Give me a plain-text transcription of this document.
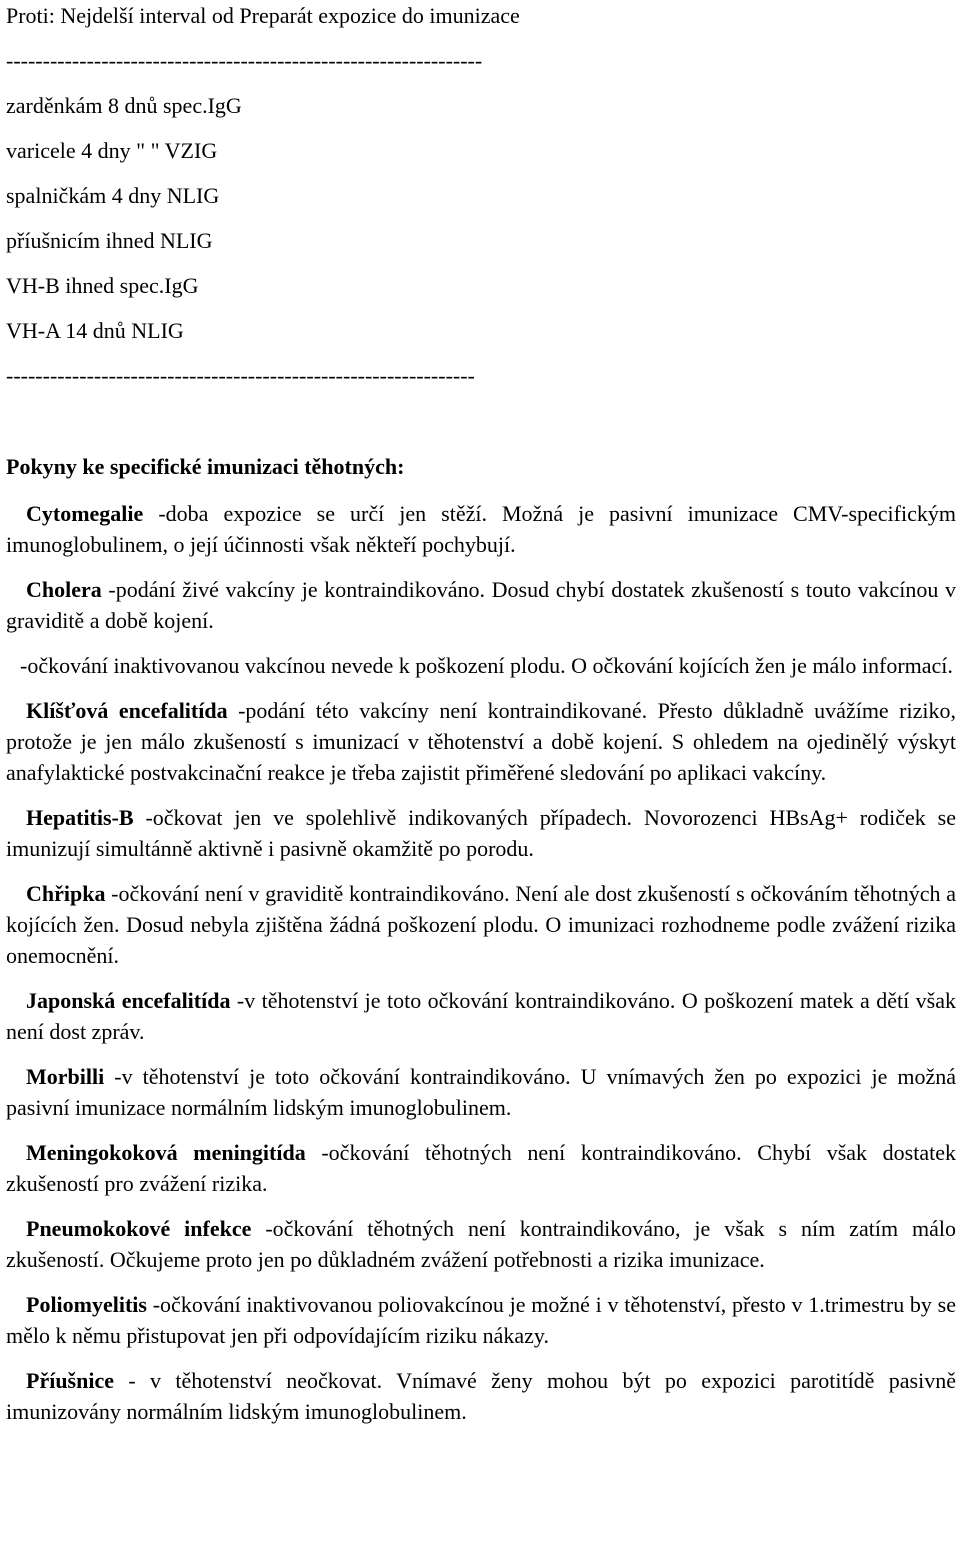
Proti: Nejdelší interval od Preparát expozice do imunizace
-----------------------------------------------------------------
zarděnkám 8 dnů spec.IgG
varicele 4 dny " " VZIG
spalničkám 4 dny NLIG
příušnicím ihned NLIG
VH-B ihned spec.IgG
VH-A 14 dnů NLIG
----------------------------------------------------------------
Pokyny ke specifické imunizaci těhotných:
Cytomegalie -doba expozice se určí jen stěží. Možná je pasivní imunizace CMV-specifickým imunoglobulinem, o její účinnosti však někteří pochybují.
Cholera -podání živé vakcíny je kontraindikováno. Dosud chybí dostatek zkušeností s touto vakcínou v graviditě a době kojení.
-očkování inaktivovanou vakcínou nevede k poškození plodu. O očkování kojících žen je málo informací.
Klíšťová encefalitída -podání této vakcíny není kontraindikované. Přesto důkladně uvážíme riziko, protože je jen málo zkušeností s imunizací v těhotenství a době kojení. S ohledem na ojedinělý výskyt anafylaktické postvakcinační reakce je třeba zajistit přiměřené sledování po aplikaci vakcíny.
Hepatitis-B -očkovat jen ve spolehlivě indikovaných případech. Novorozenci HBsAg+ rodiček se imunizují simultánně aktivně i pasivně okamžitě po porodu.
Chřipka -očkování není v graviditě kontraindikováno. Není ale dost zkušeností s očkováním těhotných a kojících žen. Dosud nebyla zjištěna žádná poškození plodu. O imunizaci rozhodneme podle zvážení rizika onemocnění.
Japonská encefalitída -v těhotenství je toto očkování kontraindikováno. O poškození matek a dětí však není dost zpráv.
Morbilli -v těhotenství je toto očkování kontraindikováno. U vnímavých žen po expozici je možná pasivní imunizace normálním lidským imunoglobulinem.
Meningokoková meningitída -očkování těhotných není kontraindikováno. Chybí však dostatek zkušeností pro zvážení rizika.
Pneumokokové infekce -očkování těhotných není kontraindikováno, je však s ním zatím málo zkušeností. Očkujeme proto jen po důkladném zvážení potřebnosti a rizika imunizace.
Poliomyelitis -očkování inaktivovanou poliovakcínou je možné i v těhotenství, přesto v 1.trimestru by se mělo k němu přistupovat jen při odpovídajícím riziku nákazy.
Příušnice - v těhotenství neočkovat. Vnímavé ženy mohou být po expozici parotitídě pasivně imunizovány normálním lidským imunoglobulinem.
